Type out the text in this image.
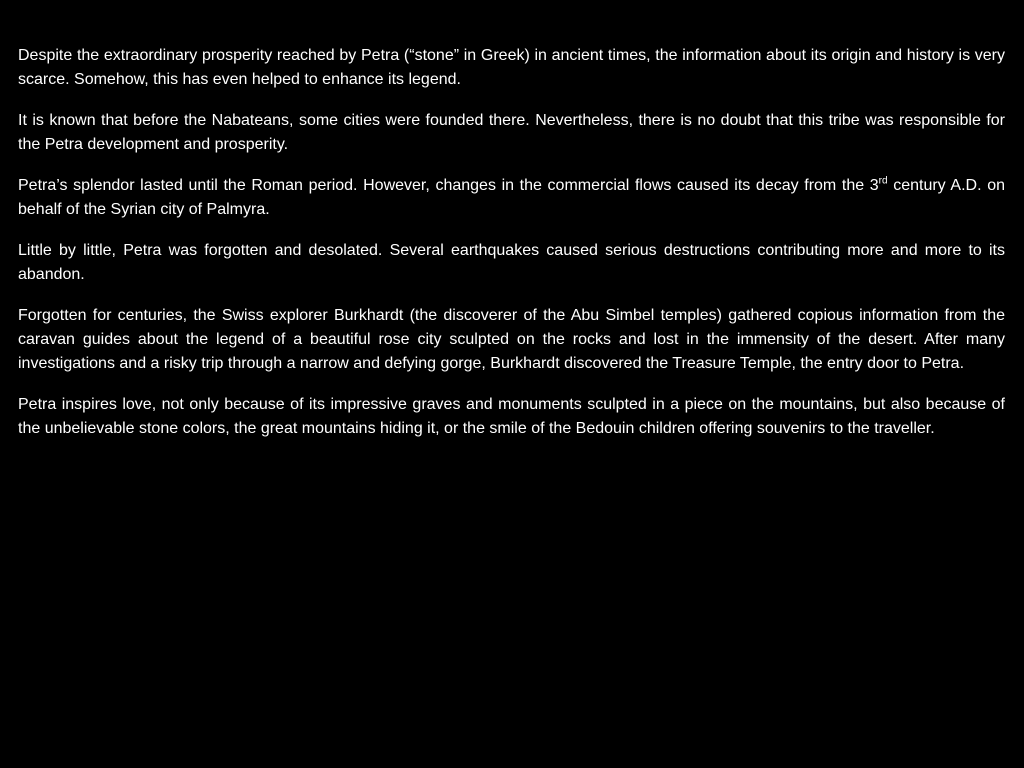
Despite the extraordinary prosperity reached by Petra (“stone” in Greek) in ancient times, the information about its origin and history is very scarce. Somehow, this has even helped to enhance its legend.

It is known that before the Nabateans, some cities were founded there. Nevertheless, there is no doubt that this tribe was responsible for the Petra development and prosperity.

Petra’s splendor lasted until the Roman period. However, changes in the commercial flows caused its decay from the 3rd century A.D. on behalf of the Syrian city of Palmyra.

Little by little, Petra was forgotten and desolated. Several earthquakes caused serious destructions contributing more and more to its abandon.

Forgotten for centuries, the Swiss explorer Burkhardt (the discoverer of the Abu Simbel temples) gathered copious information from the caravan guides about the legend of a beautiful rose city sculpted on the rocks and lost in the immensity of the desert. After many investigations and a risky trip through a narrow and defying gorge, Burkhardt discovered the Treasure Temple, the entry door to Petra.

Petra inspires love, not only because of its impressive graves and monuments sculpted in a piece on the mountains, but also because of the unbelievable stone colors, the great mountains hiding it, or the smile of the Bedouin children offering souvenirs to the traveller.
